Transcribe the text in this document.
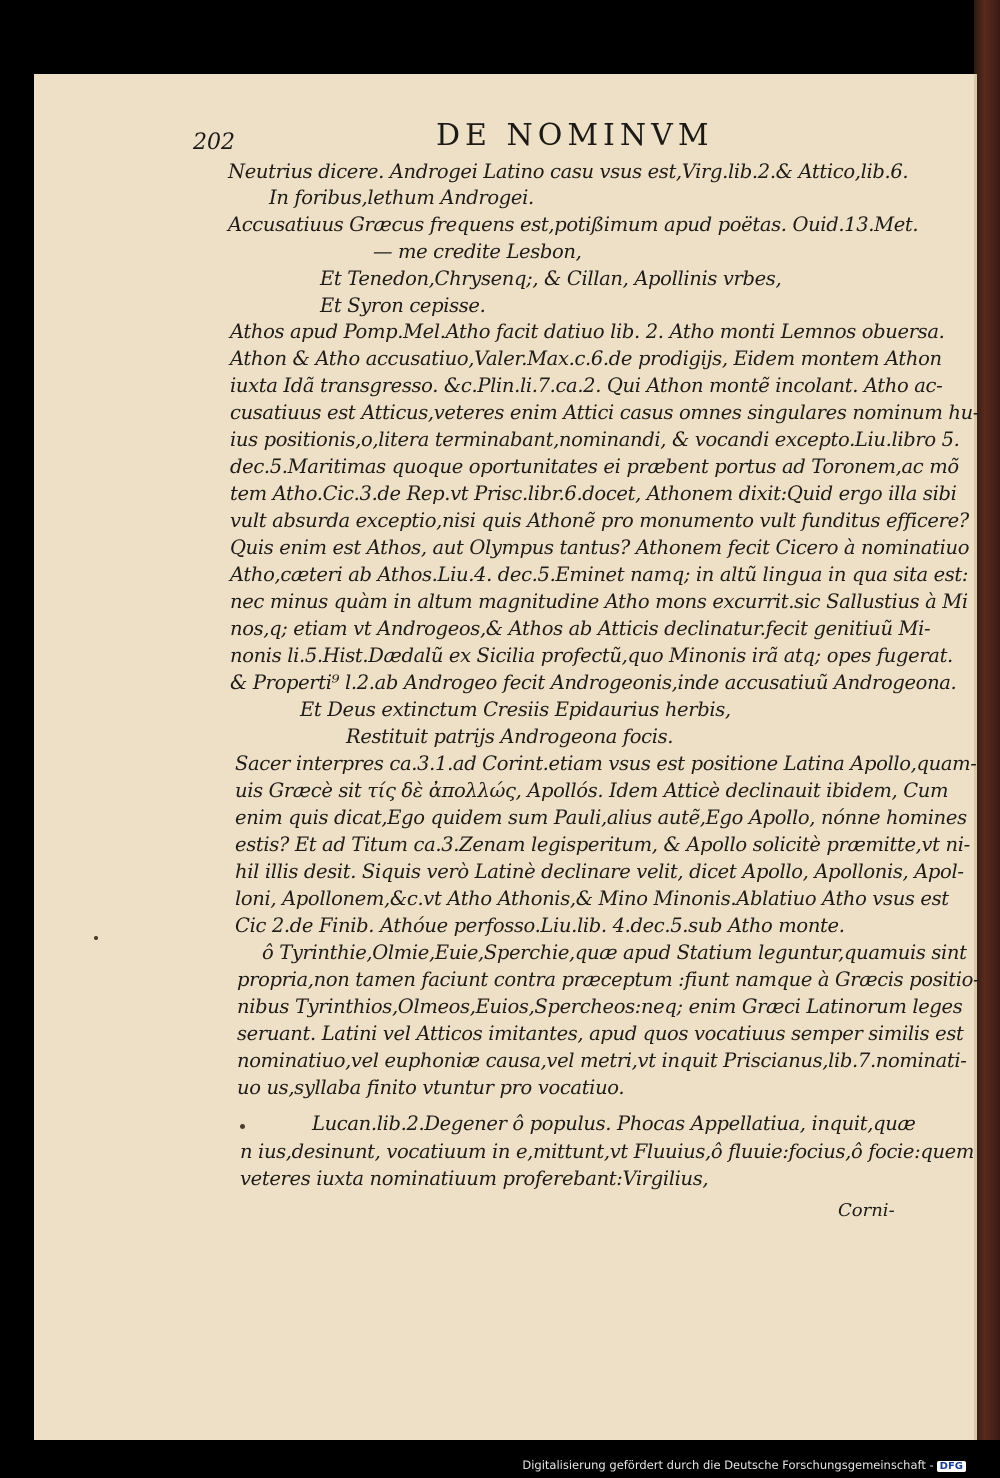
202	DE NOMINVM
Neutrius dicere. Androgei Latino casu vsus est,Virg.lib.2.& Attico,lib.6.
In foribus,lethum Androgei.
Accusatiuus Græcus frequens est,potißimum apud poëtas. Ouid.13.Met.
— me credite Lesbon,
Et Tenedon,Chrysenq;, & Cillan, Apollinis vrbes,
Et Syron cepisse.
Athos apud Pomp.Mel.Atho facit datiuo lib. 2. Atho monti Lemnos obuersa.
Athon & Atho accusatiuo,Valer.Max.c.6.de prodigijs, Eidem montem Athon
iuxta Idã transgresso. &c.Plin.li.7.ca.2. Qui Athon montẽ incolant. Atho ac-
cusatiuus est Atticus,veteres enim Attici casus omnes singulares nominum hu-
ius positionis,o,litera terminabant,nominandi, & vocandi excepto.Liu.libro 5.
dec.5.Maritimas quoque oportunitates ei præbent portus ad Toronem,ac mõ
tem Atho.Cic.3.de Rep.vt Prisc.libr.6.docet, Athonem dixit:Quid ergo illa sibi
vult absurda exceptio,nisi quis Athonẽ pro monumento vult funditus efficere?
Quis enim est Athos, aut Olympus tantus? Athonem fecit Cicero à nominatiuo
Atho,cæteri ab Athos.Liu.4. dec.5.Eminet namq; in altũ lingua in qua sita est:
nec minus quàm in altum magnitudine Atho mons excurrit.sic Sallustius à Mi
nos,q; etiam vt Androgeos,& Athos ab Atticis declinatur.fecit genitiuũ Mi-
nonis li.5.Hist.Dædalũ ex Sicilia profectũ,quo Minonis irã atq; opes fugerat.
& Properti⁹ l.2.ab Androgeo fecit Androgeonis,inde accusatiuũ Androgeona.
Et Deus extinctum Cresiis Epidaurius herbis,
Restituit patrijs Androgeona focis.
Sacer interpres ca.3.1.ad Corint.etiam vsus est positione Latina Apollo,quam-
uis Græcè sit τίς δὲ ἀπολλώς, Apollós. Idem Atticè declinauit ibidem, Cum
enim quis dicat,Ego quidem sum Pauli,alius autẽ,Ego Apollo, nónne homines
estis? Et ad Titum ca.3.Zenam legisperitum, & Apollo solicitè præmitte,vt ni-
hil illis desit. Siquis verò Latinè declinare velit, dicet Apollo, Apollonis, Apol-
loni, Apollonem,&c.vt Atho Athonis,& Mino Minonis.Ablatiuo Atho vsus est
Cic 2.de Finib. Athóue perfosso.Liu.lib. 4.dec.5.sub Atho monte.
ô Tyrinthie,Olmie,Euie,Sperchie,quæ apud Statium leguntur,quamuis sint
propria,non tamen faciunt contra præceptum :fiunt namque à Græcis positio-
nibus Tyrinthios,Olmeos,Euios,Spercheos:neq; enim Græci Latinorum leges
seruant. Latini vel Atticos imitantes, apud quos vocatiuus semper similis est
nominatiuo,vel euphoniæ causa,vel metri,vt inquit Priscianus,lib.7.nominati-
uo us,syllaba finito vtuntur pro vocatiuo.
Lucan.lib.2.Degener ô populus. Phocas Appellatiua, inquit,quæ
n ius,desinunt, vocatiuum in e,mittunt,vt Fluuius,ô fluuie:focius,ô focie:quem
veteres iuxta nominatiuum proferebant:Virgilius,
Corni-
Digitalisierung gefördert durch die Deutsche Forschungsgemeinschaft - DFG
